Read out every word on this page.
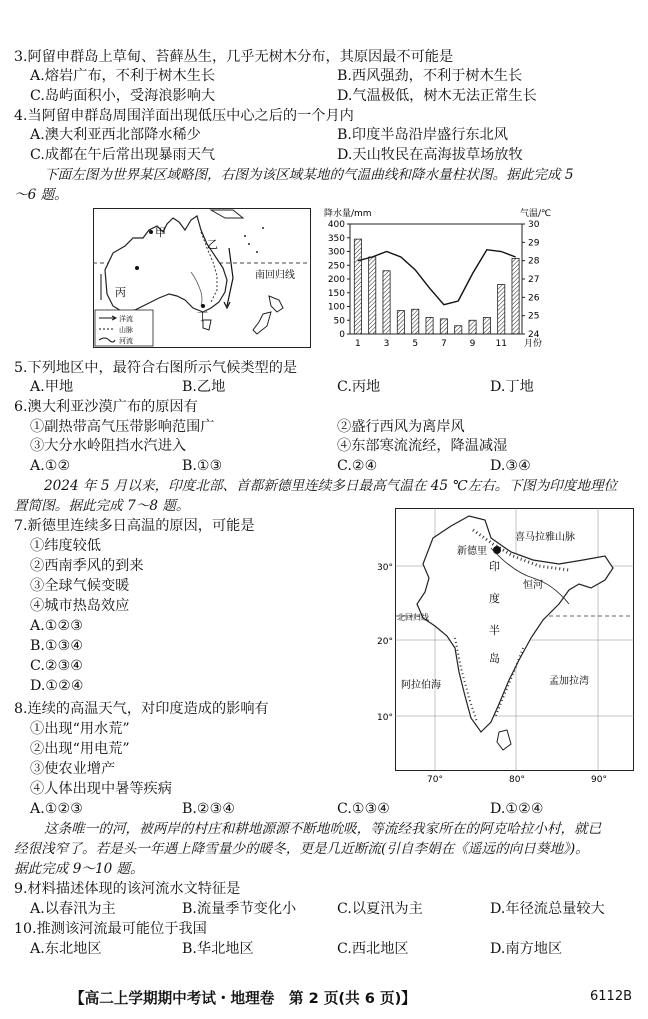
3.阿留申群岛上草甸、苔藓丛生，几乎无树木分布，其原因最不可能是
A.熔岩广布，不利于树木生长	B.西风强劲，不利于树木生长
C.岛屿面积小，受海浪影响大	D.气温极低，树木无法正常生长
4.当阿留申群岛周围洋面出现低压中心之后的一个月内
A.澳大利亚西北部降水稀少	B.印度半岛沿岸盛行东北风
C.成都在午后常出现暴雨天气	D.天山牧民在高海拔草场放牧
下面左图为世界某区域略图，右图为该区域某地的气温曲线和降水量柱状图。据此完成 5
～6 题。
甲
乙
丙
丁
南回归线
洋流
山脉
河流
降水量/mm	气温/℃
0
50
100
150
200
250
300
350
400
24
25
26
27
28
29
30
1	3	5	7	9 11 月份
5.下列地区中，最符合右图所示气候类型的是
A.甲地	B.乙地	C.丙地	D.丁地
6.澳大利亚沙漠广布的原因有
①副热带高气压带影响范围广	②盛行西风为离岸风
③大分水岭阻挡水汽进入	④东部寒流流经，降温减湿
A.①②	B.①③	C.②④	D.③④
2024 年 5 月以来，印度北部、首都新德里连续多日最高气温在 45 ℃左右。下图为印度地理位
置简图。据此完成 7～8 题。
7.新德里连续多日高温的原因，可能是
①纬度较低
②西南季风的到来
③全球气候变暖
④城市热岛效应
A.①②③
B.①③④
C.②③④
D.①②④
30°
20°
10°
70°	80°	90°
新德里
喜马拉雅山脉
恒河
印
度
半
岛
北回归线
阿拉伯海	孟加拉湾
8.连续的高温天气，对印度造成的影响有
①出现“用水荒”
②出现“用电荒”
③使农业增产
④人体出现中暑等疾病
A.①②③	B.②③④	C.①③④	D.①②④
这条唯一的河，被两岸的村庄和耕地源源不断地吮吸，等流经我家所在的阿克哈拉小村，就已
经很浅窄了。若是头一年遇上降雪量少的暖冬，更是几近断流(引自李娟在《遥远的向日葵地》)。
据此完成 9～10 题。
9.材料描述体现的该河流水文特征是
A.以春汛为主	B.流量季节变化小	C.以夏汛为主	D.年径流总量较大
10.推测该河流最可能位于我国
A.东北地区	B.华北地区	C.西北地区	D.南方地区
【高二上学期期中考试・地理卷　第 2 页(共 6 页)】	6112B
